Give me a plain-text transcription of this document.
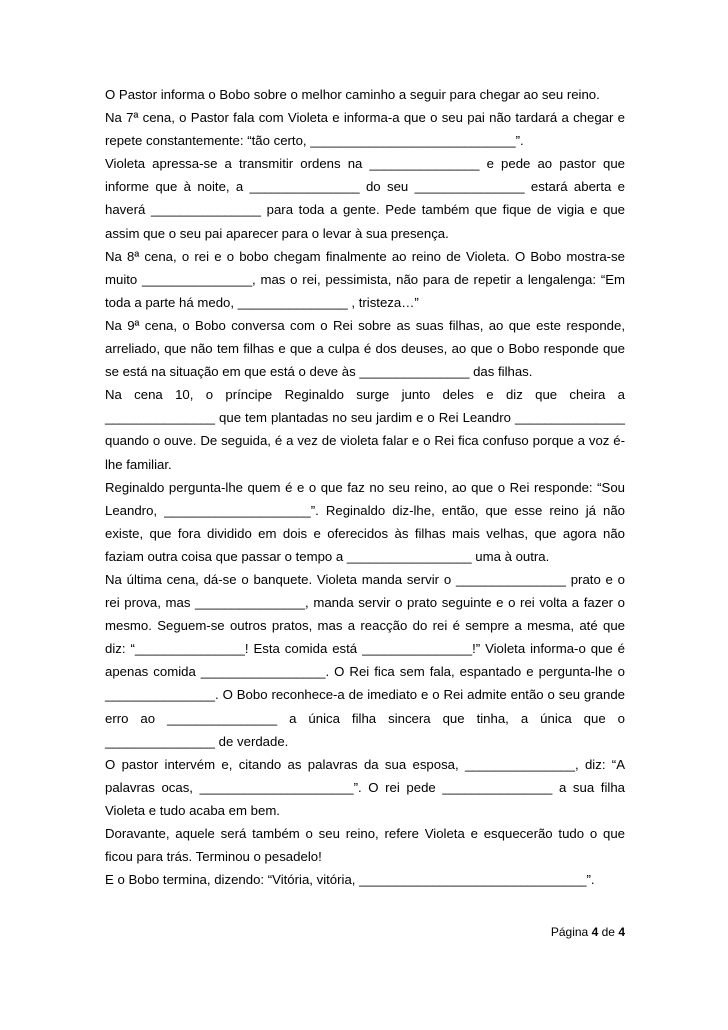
O Pastor informa o Bobo sobre o melhor caminho a seguir para chegar ao seu reino.

Na 7ª cena, o Pastor fala com Violeta e informa-a que o seu pai não tardará a chegar e repete constantemente: “tão certo, ____________________________”.

Violeta apressa-se a transmitir ordens na _______________ e pede ao pastor que informe que à noite, a _______________ do seu _______________ estará aberta e haverá _______________ para toda a gente. Pede também que fique de vigia e que assim que o seu pai aparecer para o levar à sua presença.

Na 8ª cena, o rei e o bobo chegam finalmente ao reino de Violeta. O Bobo mostra-se muito _______________, mas o rei, pessimista, não para de repetir a lengalenga: “Em toda a parte há medo, _______________ , tristeza…”

Na 9ª cena, o Bobo conversa com o Rei sobre as suas filhas, ao que este responde, arreliado, que não tem filhas e que a culpa é dos deuses, ao que o Bobo responde que se está na situação em que está o deve às _______________ das filhas.

Na cena 10, o príncipe Reginaldo surge junto deles e diz que cheira a _______________ que tem plantadas no seu jardim e o Rei Leandro _______________ quando o ouve. De seguida, é a vez de violeta falar e o Rei fica confuso porque a voz é-lhe familiar.

Reginaldo pergunta-lhe quem é e o que faz no seu reino, ao que o Rei responde: “Sou Leandro, ____________________”. Reginaldo diz-lhe, então, que esse reino já não existe, que fora dividido em dois e oferecidos às filhas mais velhas, que agora não faziam outra coisa que passar o tempo a _________________ uma à outra.

Na última cena, dá-se o banquete. Violeta manda servir o _______________ prato e o rei prova, mas _______________, manda servir o prato seguinte e o rei volta a fazer o mesmo. Seguem-se outros pratos, mas a reacção do rei é sempre a mesma, até que diz: “_______________! Esta comida está _______________!” Violeta informa-o que é apenas comida _________________. O Rei fica sem fala, espantado e pergunta-lhe o _______________. O Bobo reconhece-a de imediato e o Rei admite então o seu grande erro ao _______________ a única filha sincera que tinha, a única que o _______________ de verdade.

O pastor intervém e, citando as palavras da sua esposa, _______________, diz: “A palavras ocas, _____________________”. O rei pede _______________ a sua filha Violeta e tudo acaba em bem.

Doravante, aquele será também o seu reino, refere Violeta e esquecerão tudo o que ficou para trás. Terminou o pesadelo!

E o Bobo termina, dizendo: “Vitória, vitória, _______________________________”.

Página 4 de 4
